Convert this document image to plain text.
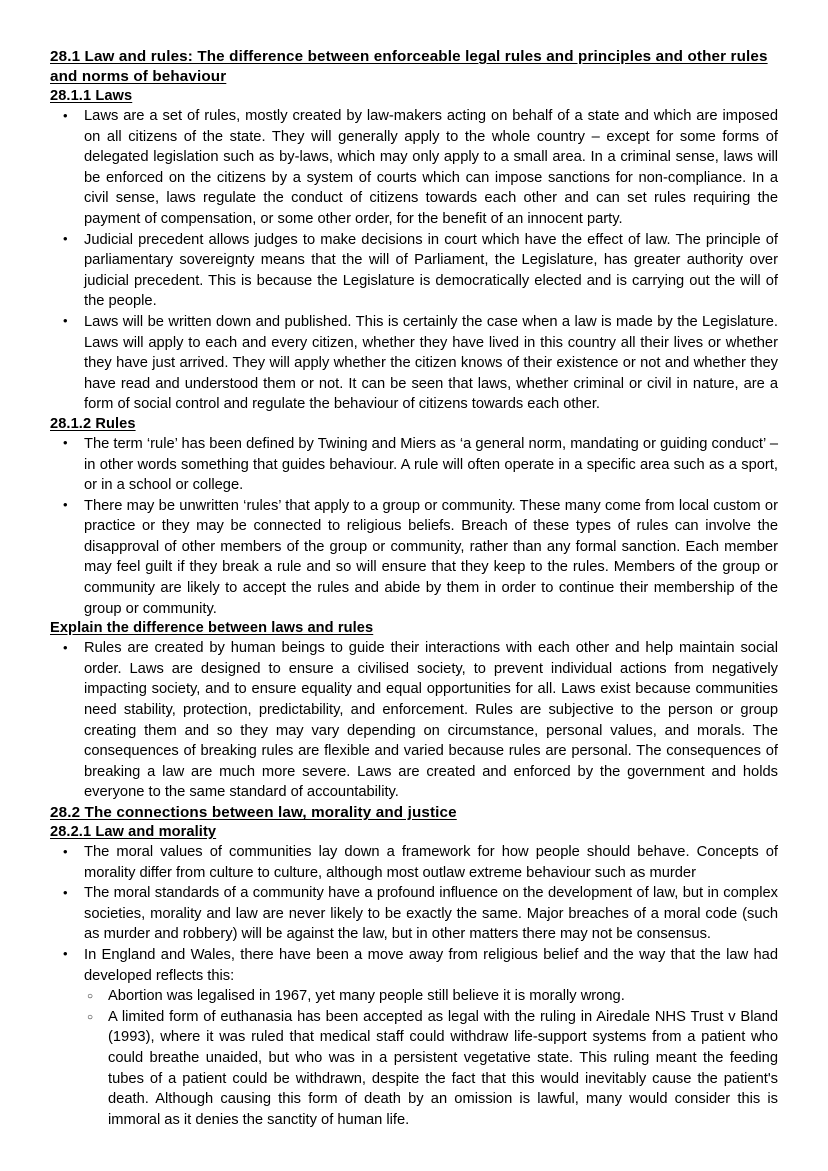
28.1 Law and rules: The difference between enforceable legal rules and principles and other rules and norms of behaviour
28.1.1 Laws

• Laws are a set of rules, mostly created by law-makers acting on behalf of a state and which are imposed on all citizens of the state. They will generally apply to the whole country – except for some forms of delegated legislation such as by-laws, which may only apply to a small area. In a criminal sense, laws will be enforced on the citizens by a system of courts which can impose sanctions for non-compliance. In a civil sense, laws regulate the conduct of citizens towards each other and can set rules requiring the payment of compensation, or some other order, for the benefit of an innocent party.

• Judicial precedent allows judges to make decisions in court which have the effect of law. The principle of parliamentary sovereignty means that the will of Parliament, the Legislature, has greater authority over judicial precedent. This is because the Legislature is democratically elected and is carrying out the will of the people.

• Laws will be written down and published. This is certainly the case when a law is made by the Legislature. Laws will apply to each and every citizen, whether they have lived in this country all their lives or whether they have just arrived. They will apply whether the citizen knows of their existence or not and whether they have read and understood them or not. It can be seen that laws, whether criminal or civil in nature, are a form of social control and regulate the behaviour of citizens towards each other.

28.1.2 Rules

• The term ‘rule’ has been defined by Twining and Miers as ‘a general norm, mandating or guiding conduct’ – in other words something that guides behaviour. A rule will often operate in a specific area such as a sport, or in a school or college.

• There may be unwritten ‘rules’ that apply to a group or community. These many come from local custom or practice or they may be connected to religious beliefs. Breach of these types of rules can involve the disapproval of other members of the group or community, rather than any formal sanction. Each member may feel guilt if they break a rule and so will ensure that they keep to the rules. Members of the group or community are likely to accept the rules and abide by them in order to continue their membership of the group or community.

Explain the difference between laws and rules

• Rules are created by human beings to guide their interactions with each other and help maintain social order. Laws are designed to ensure a civilised society, to prevent individual actions from negatively impacting society, and to ensure equality and equal opportunities for all. Laws exist because communities need stability, protection, predictability, and enforcement. Rules are subjective to the person or group creating them and so they may vary depending on circumstance, personal values, and morals. The consequences of breaking rules are flexible and varied because rules are personal. The consequences of breaking a law are much more severe. Laws are created and enforced by the government and holds everyone to the same standard of accountability.

28.2 The connections between law, morality and justice
28.2.1 Law and morality

• The moral values of communities lay down a framework for how people should behave. Concepts of morality differ from culture to culture, although most outlaw extreme behaviour such as murder

• The moral standards of a community have a profound influence on the development of law, but in complex societies, morality and law are never likely to be exactly the same. Major breaches of a moral code (such as murder and robbery) will be against the law, but in other matters there may not be consensus.

• In England and Wales, there have been a move away from religious belief and the way that the law had developed reflects this:

○ Abortion was legalised in 1967, yet many people still believe it is morally wrong.

○ A limited form of euthanasia has been accepted as legal with the ruling in Airedale NHS Trust v Bland (1993), where it was ruled that medical staff could withdraw life-support systems from a patient who could breathe unaided, but who was in a persistent vegetative state. This ruling meant the feeding tubes of a patient could be withdrawn, despite the fact that this would inevitably cause the patient's death. Although causing this form of death by an omission is lawful, many would consider this is immoral as it denies the sanctity of human life.
